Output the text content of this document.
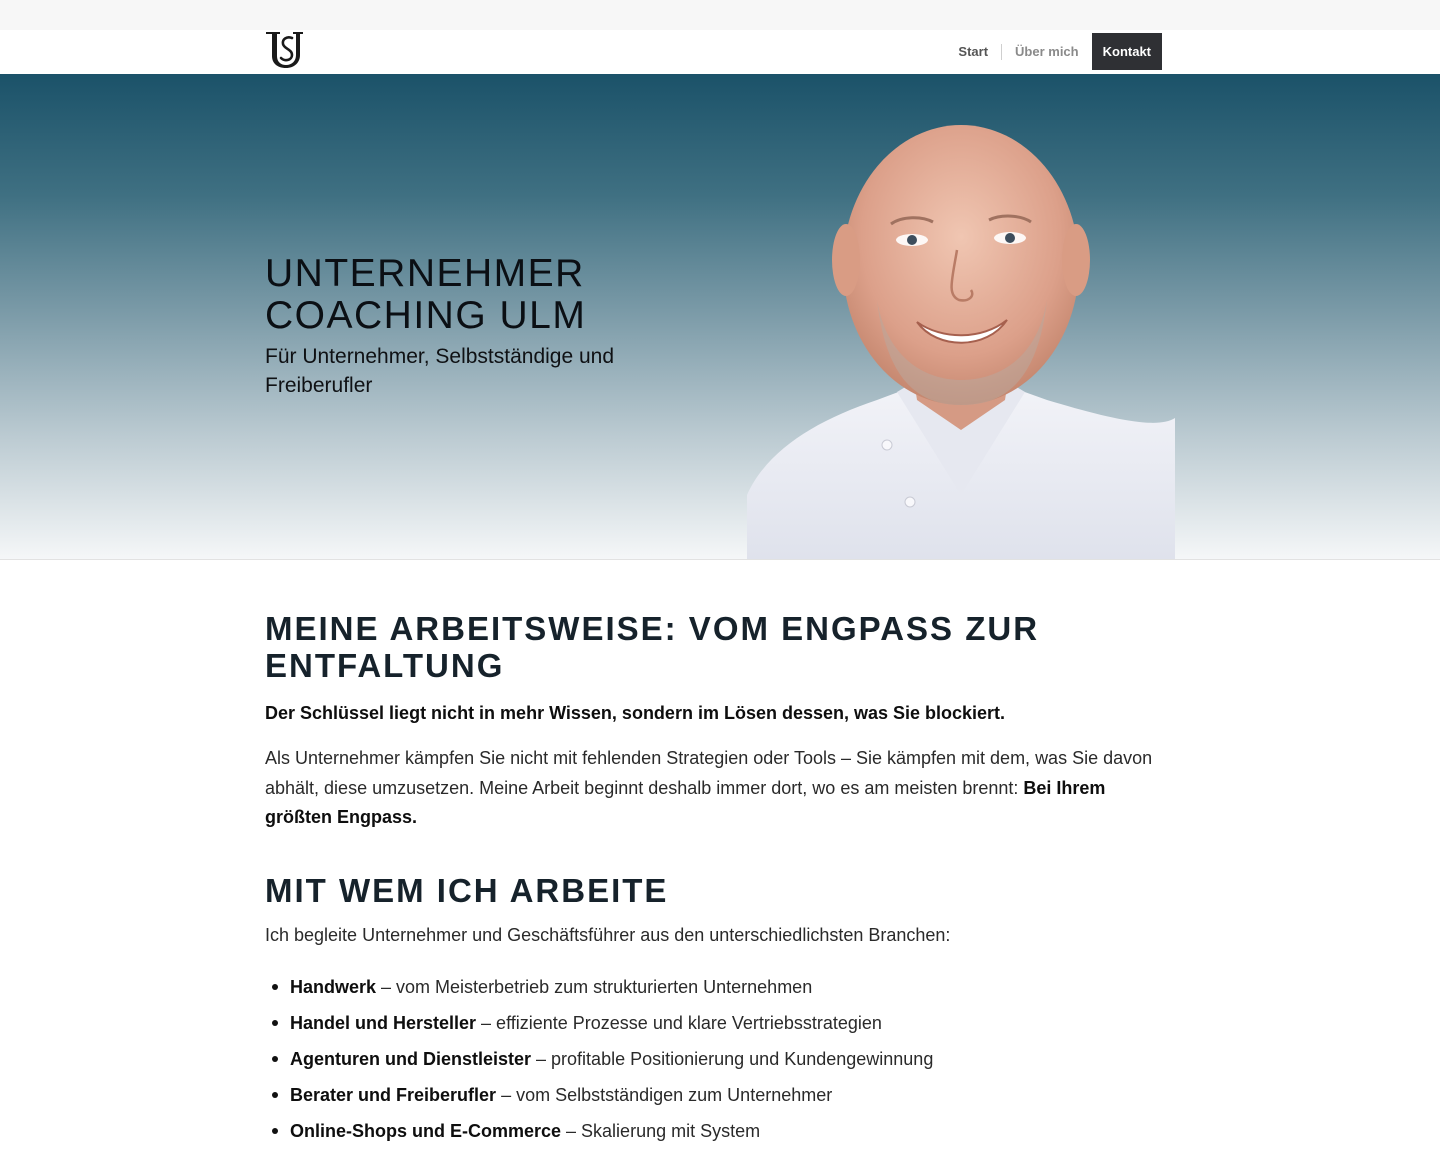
Start	Über mich	Kontakt
UNTERNEHMER
COACHING ULM

Für Unternehmer, Selbstständige und Freiberufler

MEINE ARBEITSWEISE: VOM ENGPASS ZUR ENTFALTUNG

Der Schlüssel liegt nicht in mehr Wissen, sondern im Lösen dessen, was Sie blockiert.

Als Unternehmer kämpfen Sie nicht mit fehlenden Strategien oder Tools – Sie kämpfen mit dem, was Sie davon abhält, diese umzusetzen. Meine Arbeit beginnt deshalb immer dort, wo es am meisten brennt: Bei Ihrem größten Engpass.

MIT WEM ICH ARBEITE

Ich begleite Unternehmer und Geschäftsführer aus den unterschiedlichsten Branchen:

Handwerk – vom Meisterbetrieb zum strukturierten Unternehmen
Handel und Hersteller – effiziente Prozesse und klare Vertriebsstrategien
Agenturen und Dienstleister – profitable Positionierung und Kundengewinnung
Berater und Freiberufler – vom Selbstständigen zum Unternehmer
Online-Shops und E-Commerce – Skalierung mit System
